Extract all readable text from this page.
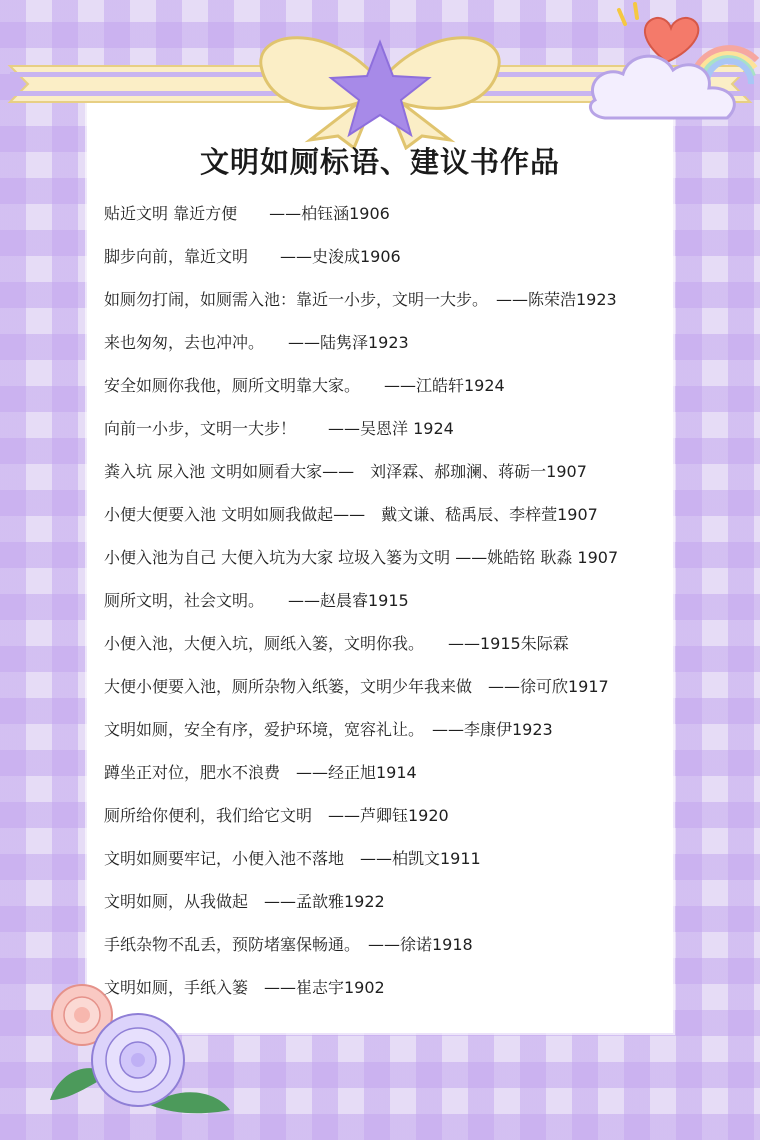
文明如厕标语、建议书作品
贴近文明 靠近方便　　——柏钰涵1906
脚步向前，靠近文明　　——史浚成1906
如厕勿打闹，如厕需入池：靠近一小步，文明一大步。　——陈荣浩1923
来也匆匆，去也冲冲。　　——陆隽泽1923
安全如厕你我他，厕所文明靠大家。　　——江皓轩1924
向前一小步，文明一大步！　　——吴恩洋 1924
粪入坑 尿入池 文明如厕看大家——　刘泽霖、郝珈澜、蒋砺一1907
小便大便要入池 文明如厕我做起——　戴文谦、嵇禹辰、李梓萱1907
小便入池为自己 大便入坑为大家 垃圾入篓为文明 ——姚皓铭 耿淼 1907
厕所文明，社会文明。　　——赵晨睿1915
小便入池，大便入坑，厕纸入篓，文明你我。　　——1915朱际霖
大便小便要入池，厕所杂物入纸篓，文明少年我来做　——徐可欣1917
文明如厕，安全有序，爱护环境，宽容礼让。　——李康伊1923
蹲坐正对位，肥水不浪费　——经正旭1914
厕所给你便利，我们给它文明　——芦卿钰1920
文明如厕要牢记，小便入池不落地　——柏凯文1911
文明如厕，从我做起　——孟歆雅1922
手纸杂物不乱丢，预防堵塞保畅通。　——徐诺1918
文明如厕，手纸入篓　——崔志宇1902
